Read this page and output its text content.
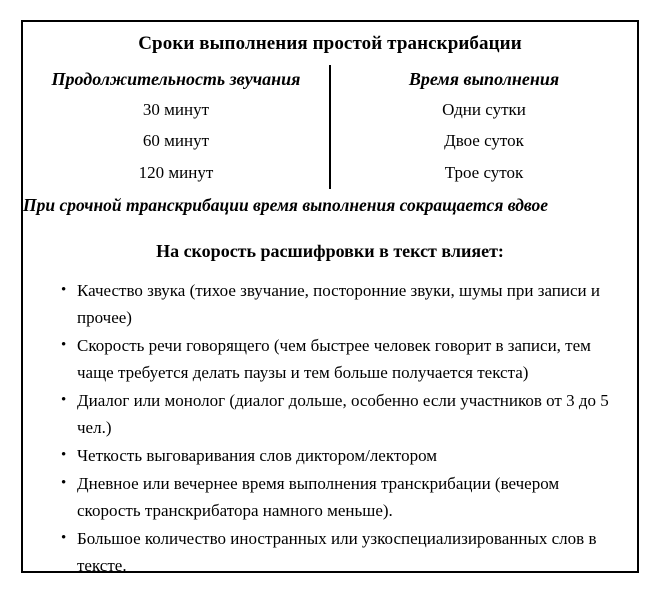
Сроки выполнения простой транскрибации	
Продолжительность звучания	Время выполнения
30 минут	Одни сутки
60 минут	Двое суток
120 минут	Трое суток
При срочной транскрибации время выполнения сокращается вдвое	
На скорость расшифровки в текст влияет:
• Качество звука (тихое звучание, посторонние звуки, шумы при записи и прочее)
• Скорость речи говорящего (чем быстрее человек говорит в записи, тем чаще требуется делать паузы и тем больше получается текста)
• Диалог или монолог (диалог дольше, особенно если участников от 3 до 5 чел.)
• Четкость выговаривания слов диктором/лектором
• Дневное или вечернее время выполнения транскрибации (вечером скорость транскрибатора намного меньше).
• Большое количество иностранных или узкоспециализированных слов в тексте.
